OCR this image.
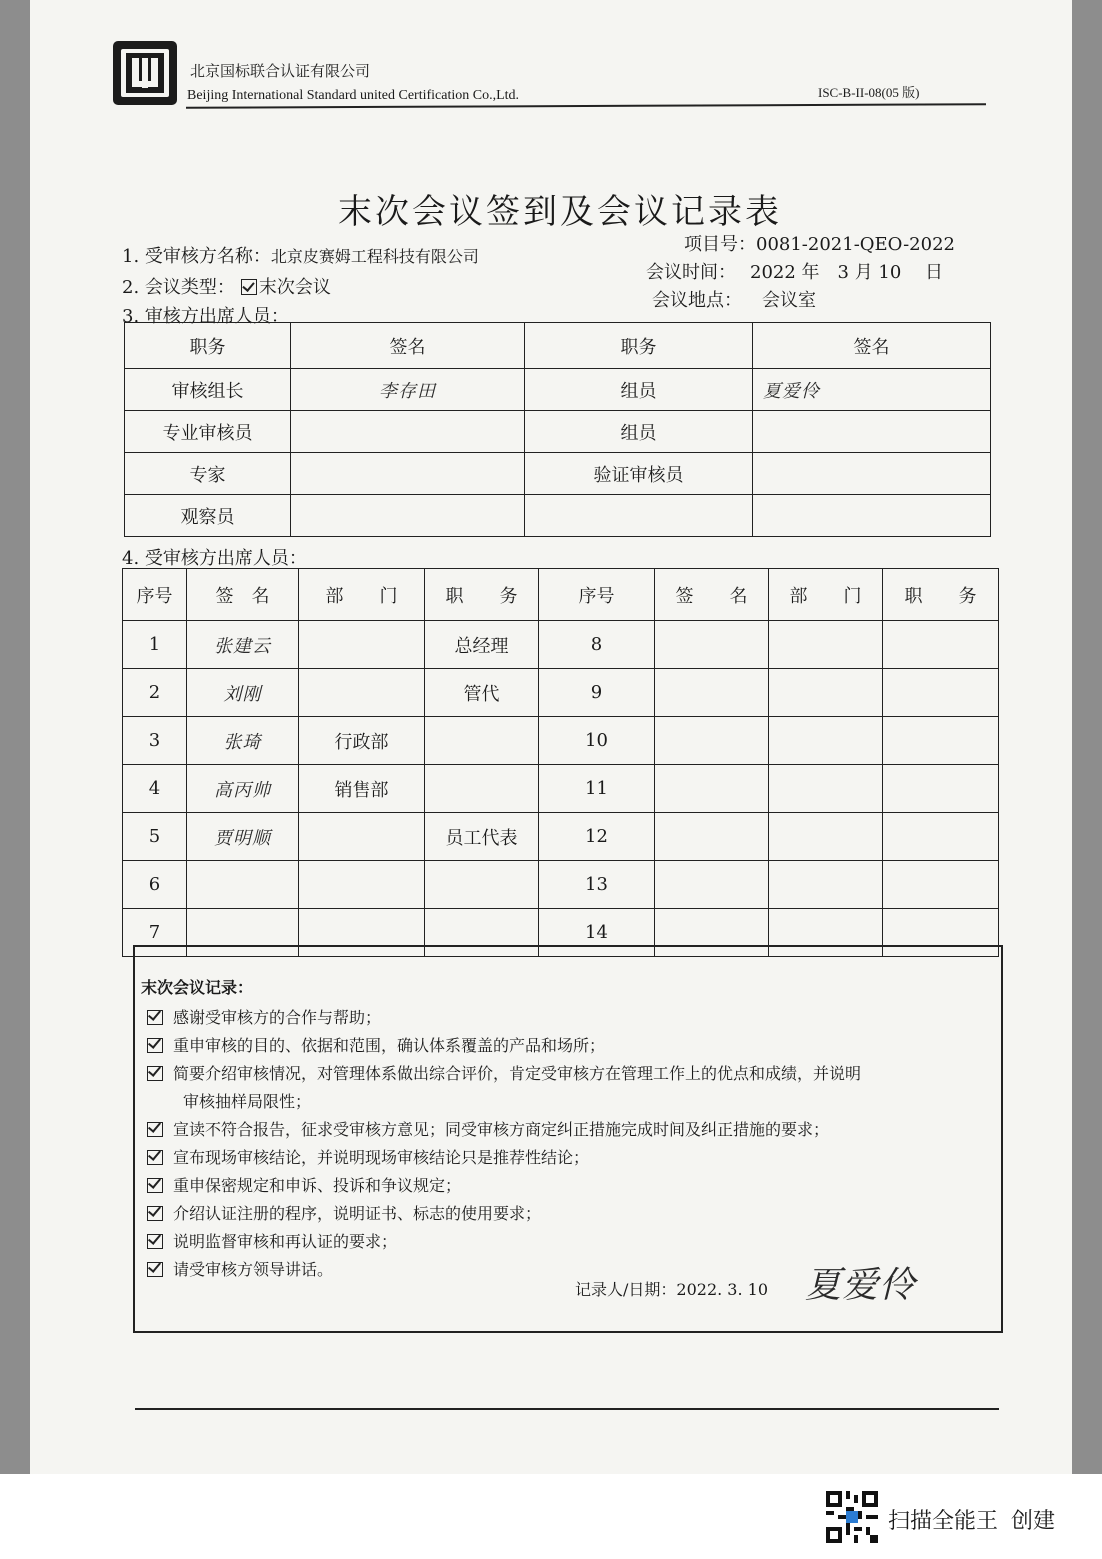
北京国标联合认证有限公司
Beijing International Standard united Certification Co.,Ltd.	ISC-B-II-08(05 版)
末次会议签到及会议记录表
1. 受审核方名称：北京皮赛姆工程科技有限公司
项目号：0081-2021-QEO-2022
2. 会议类型： 末次会议
会议时间： 2022 年　3 月 10　 日
会议地点： 会议室
3. 审核方出席人员：
职务	签名	职务	签名
审核组长	李存田	组员	夏爱伶
专业审核员		组员	
专家		验证审核员	
观察员			
4. 受审核方出席人员：
序号	签　名	部　　门	职　　务	序号	签　　名	部　　门	职　　务
1	张建云		总经理	8			
2	刘刚		管代	9			
3	张琦	行政部		10			
4	高丙帅	销售部		11			
5	贾明顺		员工代表	12			
6				13			
7				14			
末次会议记录：
感谢受审核方的合作与帮助；
重申审核的目的、依据和范围，确认体系覆盖的产品和场所；
简要介绍审核情况，对管理体系做出综合评价，肯定受审核方在管理工作上的优点和成绩，并说明
审核抽样局限性；
宣读不符合报告，征求受审核方意见；同受审核方商定纠正措施完成时间及纠正措施的要求；
宣布现场审核结论，并说明现场审核结论只是推荐性结论；
重申保密规定和申诉、投诉和争议规定；
介绍认证注册的程序，说明证书、标志的使用要求；
说明监督审核和再认证的要求；
请受审核方领导讲话。
记录人/日期：2022. 3. 10 夏爱伶
扫描全能王 创建
